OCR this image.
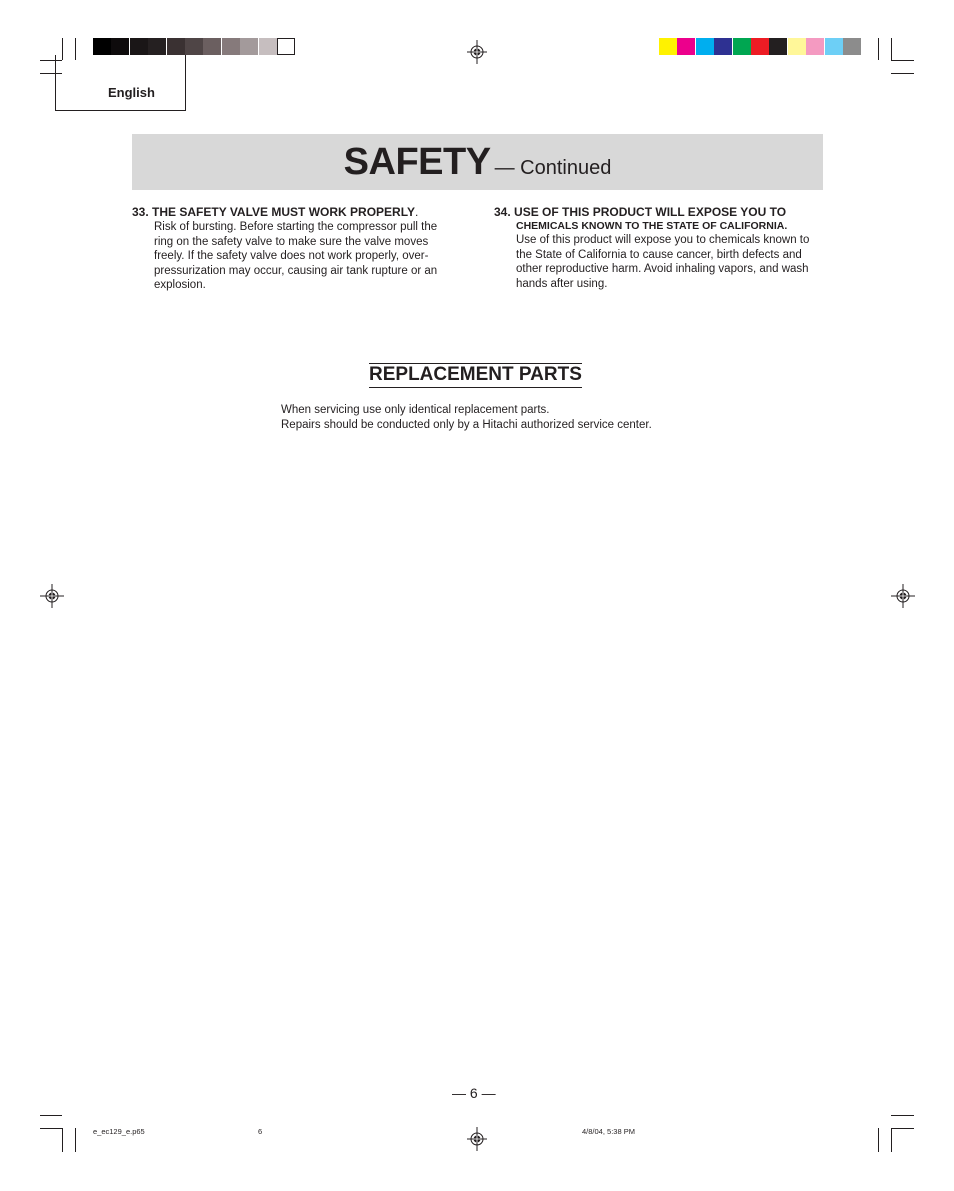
English
SAFETY — Continued
33. THE SAFETY VALVE MUST WORK PROPERLY.
Risk of bursting. Before starting the compressor pull the ring on the safety valve to make sure the valve moves freely. If the safety valve does not work properly, over-pressurization may occur, causing air tank rupture or an explosion.
34. USE OF THIS PRODUCT WILL EXPOSE YOU TO
CHEMICALS KNOWN TO THE STATE OF CALIFORNIA.
Use of this product will expose you to chemicals known to the State of California to cause cancer, birth defects and other reproductive harm. Avoid inhaling vapors, and wash hands after using.
REPLACEMENT PARTS
When servicing use only identical replacement parts.
Repairs should be conducted only by a Hitachi authorized service center.
— 6 —
e_ec129_e.p65	6	4/8/04, 5:38 PM
